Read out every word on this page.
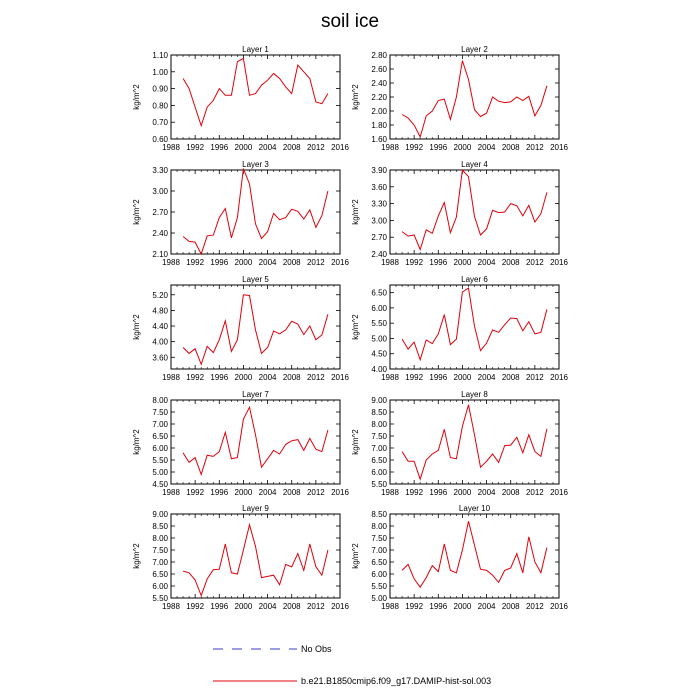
soil ice
Layer 1
1988 1992 1996 2000 2004 2008 2012 2016
0.60
0.70
0.80
0.90
1.00
1.10
kg/m^2
Layer 2
1988 1992 1996 2000 2004 2008 2012 2016
1.60
1.80
2.00
2.20
2.40
2.60
2.80
kg/m^2
Layer 3
1988 1992 1996 2000 2004 2008 2012 2016
2.10
2.40
2.70
3.00
3.30
kg/m^2
Layer 4
1988 1992 1996 2000 2004 2008 2012 2016
2.40
2.70
3.00
3.30
3.60
3.90
kg/m^2
Layer 5
1988 1992 1996 2000 2004 2008 2012 2016
3.60
4.00
4.40
4.80
5.20
kg/m^2
Layer 6
1988 1992 1996 2000 2004 2008 2012 2016
4.00
4.50
5.00
5.50
6.00
6.50
kg/m^2
Layer 7
1988 1992 1996 2000 2004 2008 2012 2016
4.50
5.00
5.50
6.00
6.50
7.00
7.50
8.00
kg/m^2
Layer 8
1988 1992 1996 2000 2004 2008 2012 2016
5.50
6.00
6.50
7.00
7.50
8.00
8.50
9.00
kg/m^2
Layer 9
1988 1992 1996 2000 2004 2008 2012 2016
5.50
6.00
6.50
7.00
7.50
8.00
8.50
9.00
kg/m^2
Layer 10
1988 1992 1996 2000 2004 2008 2012 2016
5.00
5.50
6.00
6.50
7.00
7.50
8.00
8.50
kg/m^2
No Obs
b.e21.B1850cmip6.f09_g17.DAMIP-hist-sol.003
